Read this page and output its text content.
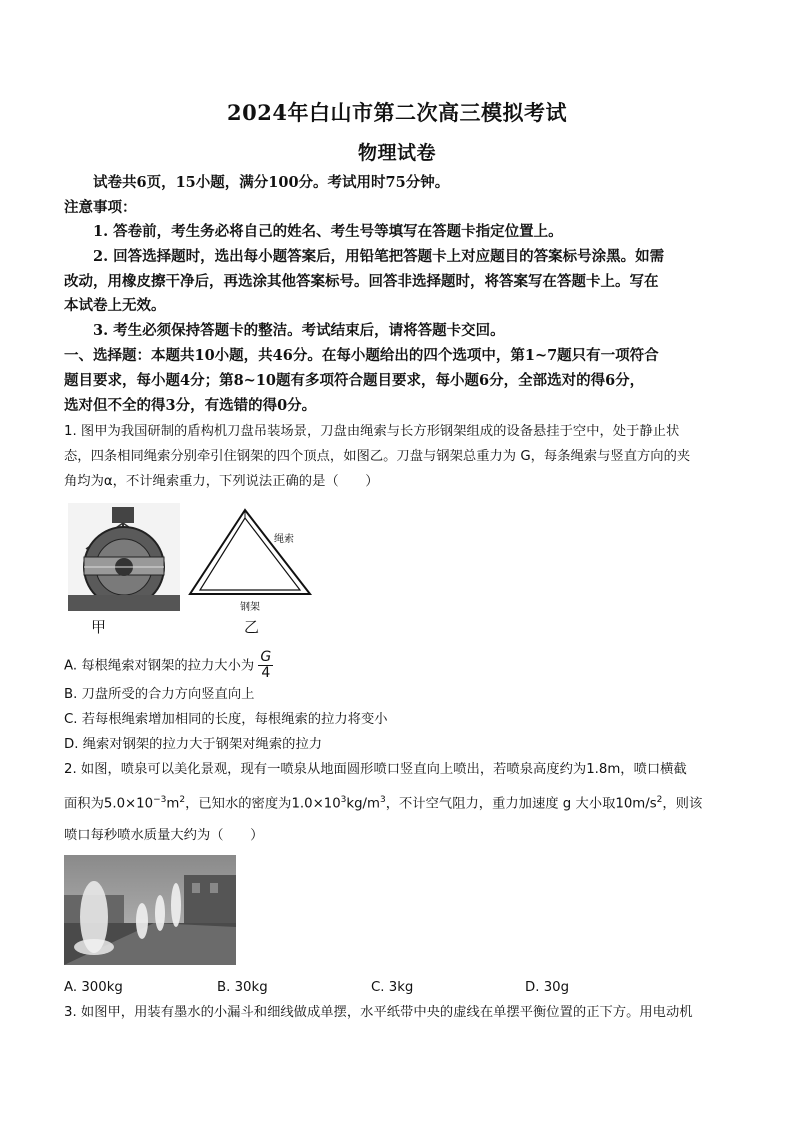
2024年白山市第二次高三模拟考试
物理试卷
试卷共6页，15小题，满分100分。考试用时75分钟。
注意事项：
1. 答卷前，考生务必将自己的姓名、考生号等填写在答题卡指定位置上。
2. 回答选择题时，选出每小题答案后，用铅笔把答题卡上对应题目的答案标号涂黑。如需
改动，用橡皮擦干净后，再选涂其他答案标号。回答非选择题时，将答案写在答题卡上。写在
本试卷上无效。
3. 考生必须保持答题卡的整洁。考试结束后，请将答题卡交回。
一、选择题：本题共10小题，共46分。在每小题给出的四个选项中，第1~7题只有一项符合
题目要求，每小题4分；第8~10题有多项符合题目要求，每小题6分，全部选对的得6分，
选对但不全的得3分，有选错的得0分。
1. 图甲为我国研制的盾构机刀盘吊装场景，刀盘由绳索与长方形钢架组成的设备悬挂于空中，处于静止状
态，四条相同绳索分别牵引住钢架的四个顶点，如图乙。刀盘与钢架总重力为 G，每条绳索与竖直方向的夹
角均为α，不计绳索重力，下列说法正确的是（　　）
甲
绳索
钢架
乙
A. 每根绳索对钢架的拉力大小为 $\frac{G}{4}$
B. 刀盘所受的合力方向竖直向上
C. 若每根绳索增加相同的长度，每根绳索的拉力将变小
D. 绳索对钢架的拉力大于钢架对绳索的拉力
2. 如图，喷泉可以美化景观，现有一喷泉从地面圆形喷口竖直向上喷出，若喷泉高度约为1.8m，喷口横截
面积为$5.0\times 10^{-3}m^2$，已知水的密度为$1.0\times 10^3kg/m^3$，不计空气阻力，重力加速度 g 大小取$10m/s^2$，则该
喷口每秒喷水质量大约为（　　）
A. 300kg	B. 30kg	C. 3kg	D. 30g
3. 如图甲，用装有墨水的小漏斗和细线做成单摆，水平纸带中央的虚线在单摆平衡位置的正下方。用电动机
